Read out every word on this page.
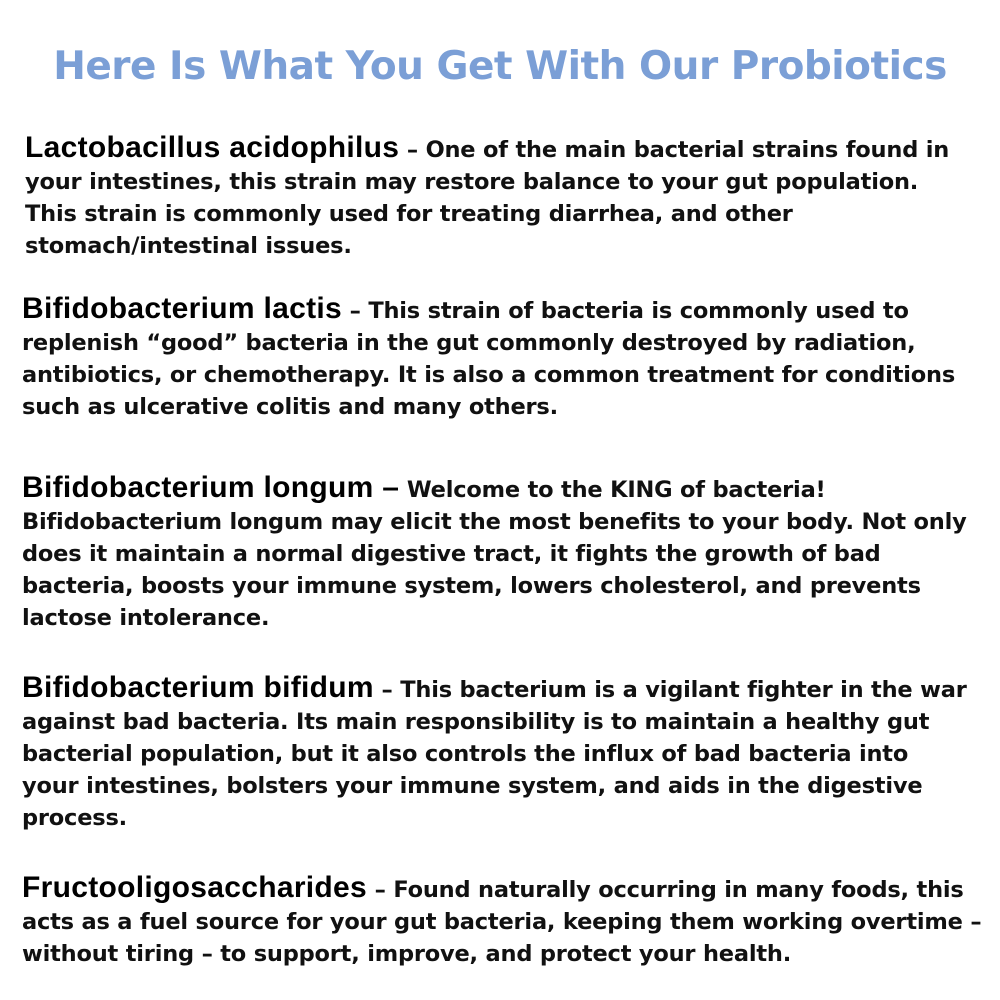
Here Is What You Get With Our Probiotics

Lactobacillus acidophilus – One of the main bacterial strains found in your intestines, this strain may restore balance to your gut population. This strain is commonly used for treating diarrhea, and other stomach/intestinal issues.

Bifidobacterium lactis – This strain of bacteria is commonly used to replenish “good” bacteria in the gut commonly destroyed by radiation, antibiotics, or chemotherapy. It is also a common treatment for conditions such as ulcerative colitis and many others.

Bifidobacterium longum – Welcome to the KING of bacteria! Bifidobacterium longum may elicit the most benefits to your body. Not only does it maintain a normal digestive tract, it fights the growth of bad bacteria, boosts your immune system, lowers cholesterol, and prevents lactose intolerance.

Bifidobacterium bifidum – This bacterium is a vigilant fighter in the war against bad bacteria. Its main responsibility is to maintain a healthy gut bacterial population, but it also controls the influx of bad bacteria into your intestines, bolsters your immune system, and aids in the digestive process.

Fructooligosaccharides – Found naturally occurring in many foods, this acts as a fuel source for your gut bacteria, keeping them working overtime – without tiring – to support, improve, and protect your health.
